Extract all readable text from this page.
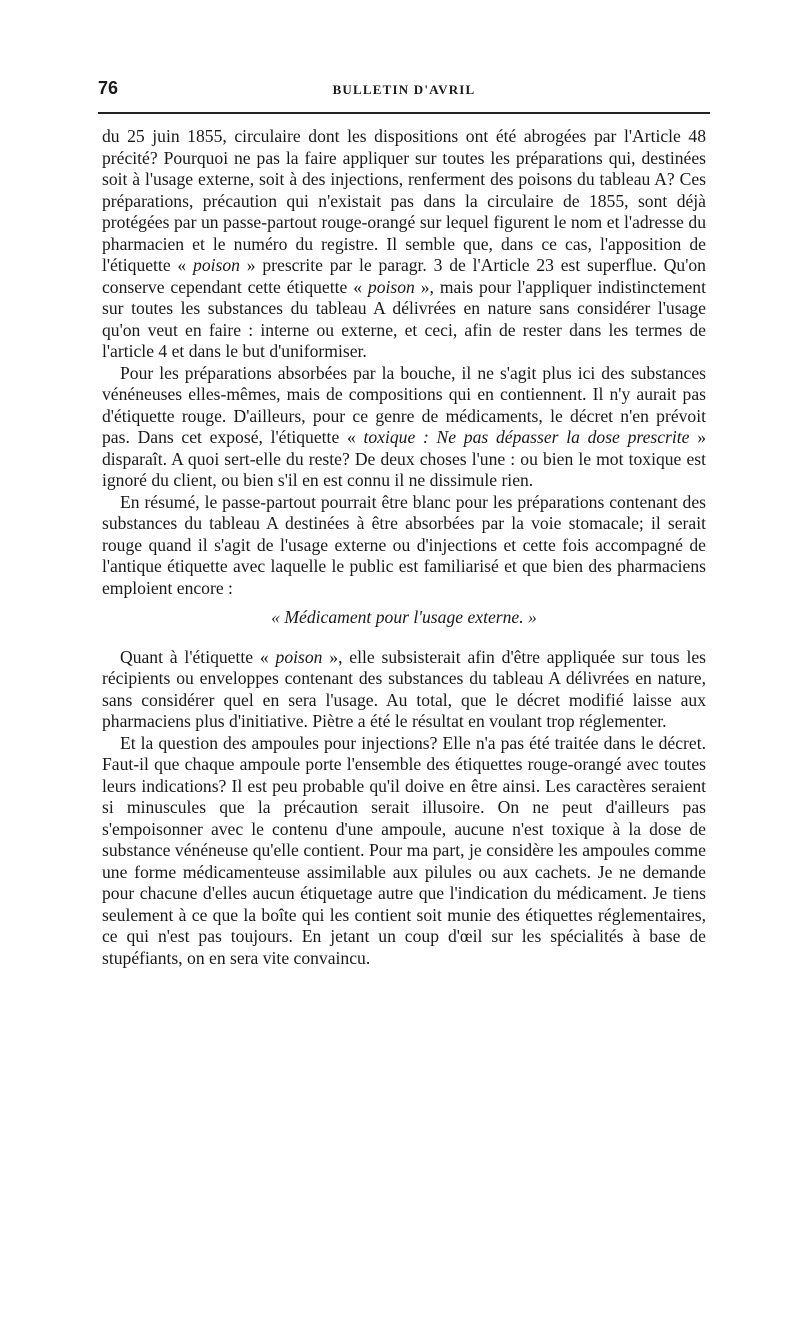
76	BULLETIN D'AVRIL

du 25 juin 1855, circulaire dont les dispositions ont été abrogées par l'Article 48 précité? Pourquoi ne pas la faire appliquer sur toutes les préparations qui, destinées soit à l'usage externe, soit à des injections, renferment des poisons du tableau A? Ces préparations, précaution qui n'existait pas dans la circulaire de 1855, sont déjà protégées par un passe-partout rouge-orangé sur lequel figurent le nom et l'adresse du pharmacien et le numéro du registre. Il semble que, dans ce cas, l'apposition de l'étiquette « poison » prescrite par le paragr. 3 de l'Article 23 est superflue. Qu'on conserve cependant cette étiquette « poison », mais pour l'appliquer indistinctement sur toutes les substances du tableau A délivrées en nature sans considérer l'usage qu'on veut en faire : interne ou externe, et ceci, afin de rester dans les termes de l'article 4 et dans le but d'uniformiser.

Pour les préparations absorbées par la bouche, il ne s'agit plus ici des substances vénéneuses elles-mêmes, mais de compositions qui en contiennent. Il n'y aurait pas d'étiquette rouge. D'ailleurs, pour ce genre de médicaments, le décret n'en prévoit pas. Dans cet exposé, l'étiquette « toxique : Ne pas dépasser la dose prescrite » disparaît. A quoi sert-elle du reste? De deux choses l'une : ou bien le mot toxique est ignoré du client, ou bien s'il en est connu il ne dissimule rien.

En résumé, le passe-partout pourrait être blanc pour les préparations contenant des substances du tableau A destinées à être absorbées par la voie stomacale; il serait rouge quand il s'agit de l'usage externe ou d'injections et cette fois accompagné de l'antique étiquette avec laquelle le public est familiarisé et que bien des pharmaciens emploient encore :

« Médicament pour l'usage externe. »

Quant à l'étiquette « poison », elle subsisterait afin d'être appliquée sur tous les récipients ou enveloppes contenant des substances du tableau A délivrées en nature, sans considérer quel en sera l'usage. Au total, que le décret modifié laisse aux pharmaciens plus d'initiative. Piètre a été le résultat en voulant trop réglementer.

Et la question des ampoules pour injections? Elle n'a pas été traitée dans le décret. Faut-il que chaque ampoule porte l'ensemble des étiquettes rouge-orangé avec toutes leurs indications? Il est peu probable qu'il doive en être ainsi. Les caractères seraient si minuscules que la précaution serait illusoire. On ne peut d'ailleurs pas s'empoisonner avec le contenu d'une ampoule, aucune n'est toxique à la dose de substance vénéneuse qu'elle contient. Pour ma part, je considère les ampoules comme une forme médicamenteuse assimilable aux pilules ou aux cachets. Je ne demande pour chacune d'elles aucun étiquetage autre que l'indication du médicament. Je tiens seulement à ce que la boîte qui les contient soit munie des étiquettes réglementaires, ce qui n'est pas toujours. En jetant un coup d'œil sur les spécialités à base de stupéfiants, on en sera vite convaincu.
